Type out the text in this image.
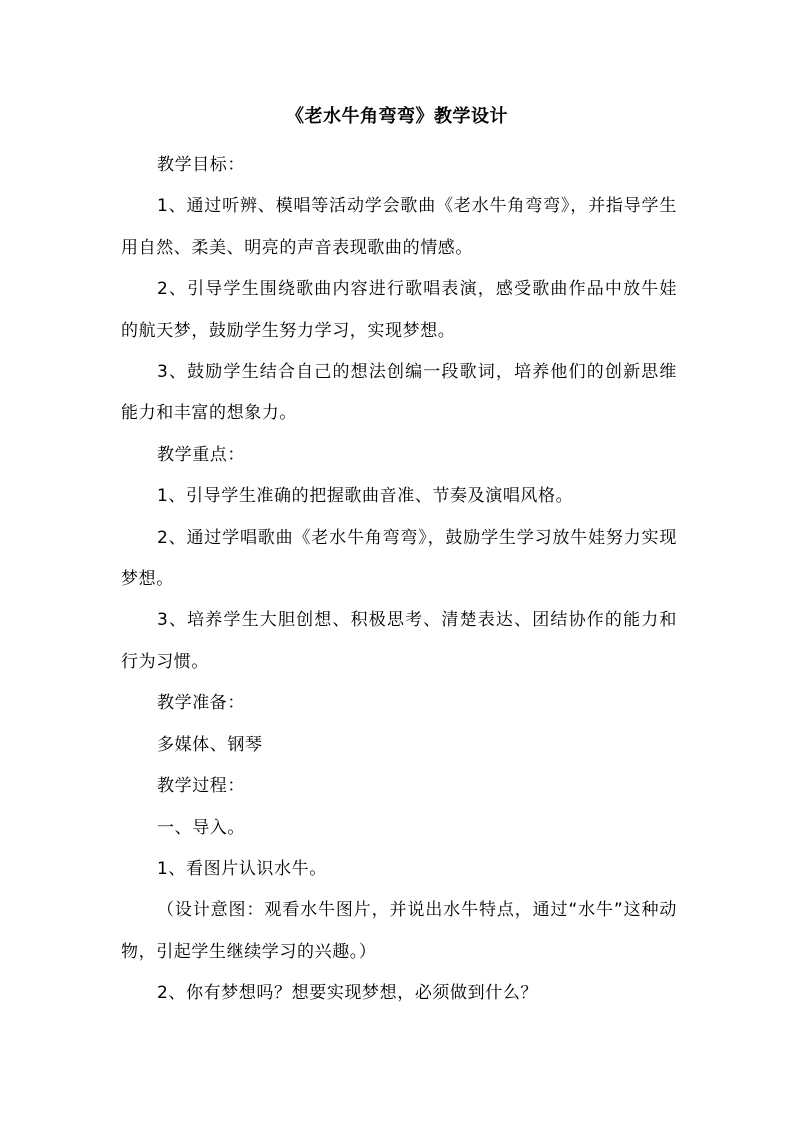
《老水牛角弯弯》教学设计

教学目标：

1、通过听辨、模唱等活动学会歌曲《老水牛角弯弯》，并指导学生用自然、柔美、明亮的声音表现歌曲的情感。

2、引导学生围绕歌曲内容进行歌唱表演，感受歌曲作品中放牛娃的航天梦，鼓励学生努力学习，实现梦想。

3、鼓励学生结合自己的想法创编一段歌词，培养他们的创新思维能力和丰富的想象力。

教学重点：

1、引导学生准确的把握歌曲音准、节奏及演唱风格。

2、通过学唱歌曲《老水牛角弯弯》，鼓励学生学习放牛娃努力实现梦想。

3、培养学生大胆创想、积极思考、清楚表达、团结协作的能力和行为习惯。

教学准备：

多媒体、钢琴

教学过程：

一、导入。

1、看图片认识水牛。

（设计意图：观看水牛图片，并说出水牛特点，通过“水牛”这种动物，引起学生继续学习的兴趣。）

2、你有梦想吗？想要实现梦想，必须做到什么？
